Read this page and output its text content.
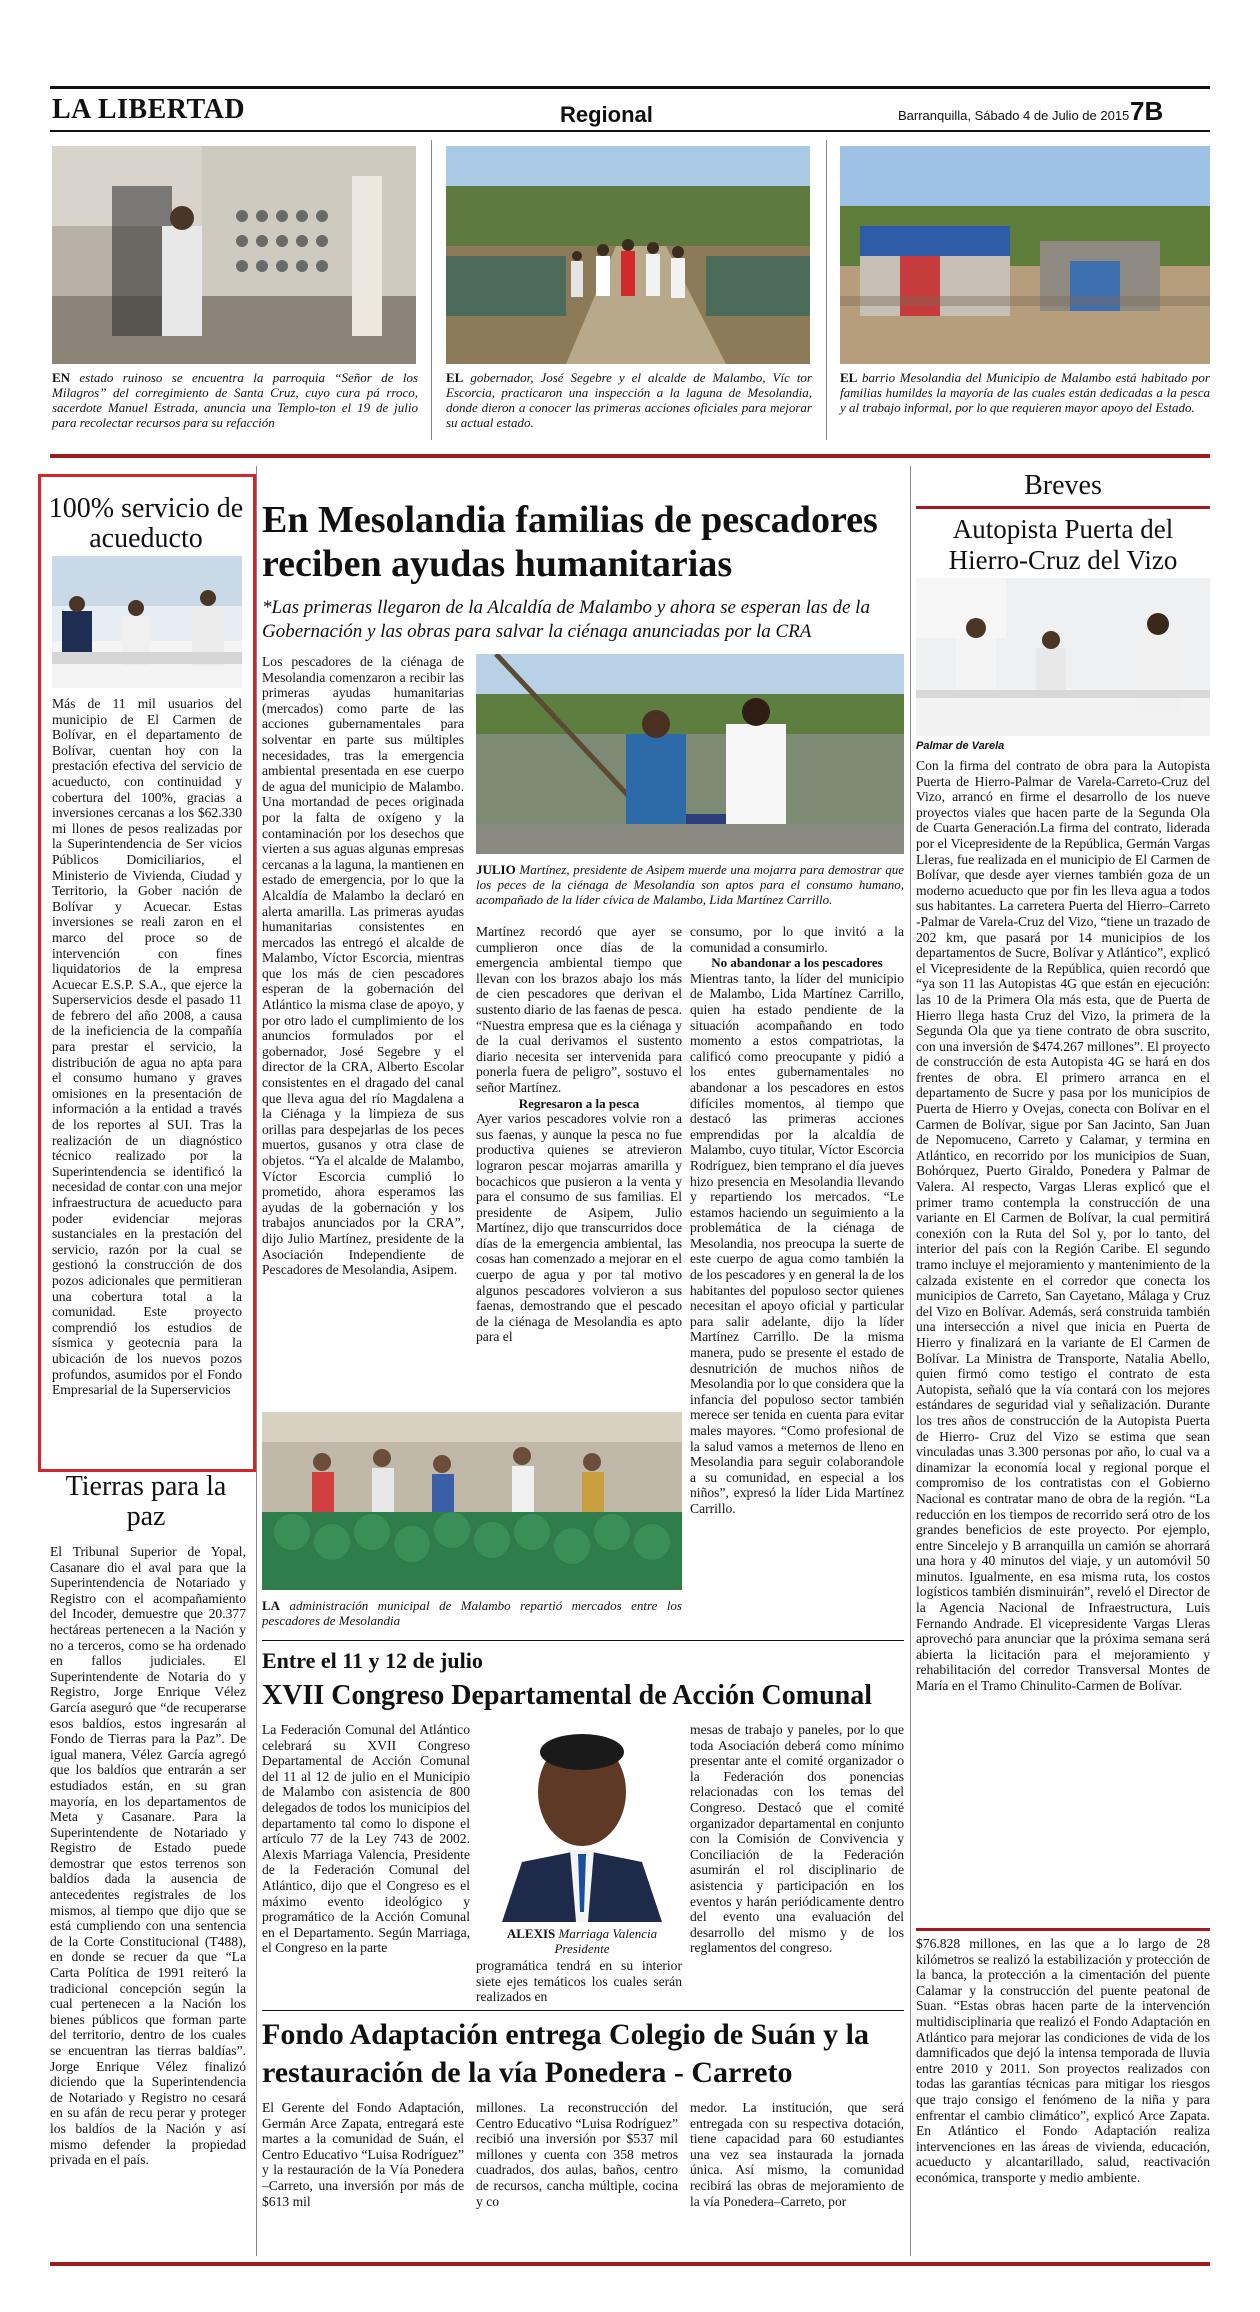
LA LIBERTAD	Regional	Barranquilla, Sábado 4 de Julio de 2015 7B
EN estado ruinoso se encuentra la parroquia “Señor de los Milagros” del corregimiento de Santa Cruz, cuyo cura pá rroco, sacerdote Manuel Estrada, anuncia una Templo-ton el 19 de julio para recolectar recursos para su refacción
EL gobernador, José Segebre y el alcalde de Malambo, Víc tor Escorcia, practicaron una inspección a la laguna de Mesolandia, donde dieron a conocer las primeras acciones oficiales para mejorar su actual estado.
EL barrio Mesolandia del Municipio de Malambo está habitado por familias humildes la mayoría de las cuales están dedicadas a la pesca y al trabajo informal, por lo que requieren mayor apoyo del Estado.
100% servicio de acueducto
Más de 11 mil usuarios del municipio de El Carmen de Bolívar, en el departamento de Bolívar, cuentan hoy con la prestación efectiva del servicio de acueducto, con continuidad y cobertura del 100%, gracias a inversiones cercanas a los $62.330 mi llones de pesos realizadas por la Superintendencia de Ser vicios Públicos Domiciliarios, el Ministerio de Vivienda, Ciudad y Territorio, la Gober nación de Bolívar y Acuecar. Estas inversiones se reali zaron en el marco del proce so de intervención con fines liquidatorios de la empresa Acuecar E.S.P. S.A., que ejerce la Superservicios desde el pasado 11 de febrero del año 2008, a causa de la ineficiencia de la compañía para prestar el servicio, la distribución de agua no apta para el consumo humano y graves omisiones en la presentación de información a la entidad a través de los reportes al SUI. Tras la realización de un diagnóstico técnico realizado por la Superintendencia se identificó la necesidad de contar con una mejor infraestructura de acueducto para poder evidenciar mejoras sustanciales en la prestación del servicio, razón por la cual se gestionó la construcción de dos pozos adicionales que permitieran una cobertura total a la comunidad. Este proyecto comprendió los estudios de sísmica y geotecnia para la ubicación de los nuevos pozos profundos, asumidos por el Fondo Empresarial de la Superservicios
Tierras para la paz
El Tribunal Superior de Yopal, Casanare dio el aval para que la Superintendencia de Notariado y Registro con el acompañamiento del Incoder, demuestre que 20.377 hectáreas pertenecen a la Nación y no a terceros, como se ha ordenado en fallos judiciales. El Superintendente de Notaria do y Registro, Jorge Enrique Vélez García aseguró que “de recuperarse esos baldíos, estos ingresarán al Fondo de Tierras para la Paz”. De igual manera, Vélez García agregó que los baldíos que entrarán a ser estudiados están, en su gran mayoría, en los departamentos de Meta y Casanare. Para la Superintendente de Notariado y Registro de Estado puede demostrar que estos terrenos son baldíos dada la ausencia de antecedentes registrales de los mismos, al tiempo que dijo que se está cumpliendo con una sentencia de la Corte Constitucional (T488), en donde se recuer da que “La Carta Política de 1991 reiteró la tradicional concepción según la cual pertenecen a la Nación los bienes públicos que forman parte del territorio, dentro de los cuales se encuentran las tierras baldías”. Jorge Enrique Vélez finalizó diciendo que la Superintendencia de Notariado y Registro no cesará en su afán de recu perar y proteger los baldíos de la Nación y así mismo defender la propiedad privada en el país.
En Mesolandia familias de pescadores reciben ayudas humanitarias
*Las primeras llegaron de la Alcaldía de Malambo y ahora se esperan las de la Gobernación y las obras para salvar la ciénaga anunciadas por la CRA
Los pescadores de la ciénaga de Mesolandia comenzaron a recibir las primeras ayudas humanitarias (mercados) como parte de las acciones gubernamentales para solventar en parte sus múltiples necesidades, tras la emergencia ambiental presentada en ese cuerpo de agua del municipio de Malambo. Una mortandad de peces originada por la falta de oxígeno y la contaminación por los desechos que vierten a sus aguas algunas empresas cercanas a la laguna, la mantienen en estado de emergencia, por lo que la Alcaldía de Malambo la declaró en alerta amarilla. Las primeras ayudas humanitarias consistentes en mercados las entregó el alcalde de Malambo, Víctor Escorcia, mientras que los más de cien pescadores esperan de la gobernación del Atlántico la misma clase de apoyo, y por otro lado el cumplimiento de los anuncios formulados por el gobernador, José Segebre y el director de la CRA, Alberto Escolar consistentes en el dragado del canal que lleva agua del río Magdalena a la Ciénaga y la limpieza de sus orillas para despejarlas de los peces muertos, gusanos y otra clase de objetos. “Ya el alcalde de Malambo, Víctor Escorcia cumplió lo prometido, ahora esperamos las ayudas de la gobernación y los trabajos anunciados por la CRA”, dijo Julio Martínez, presidente de la Asociación Independiente de Pescadores de Mesolandia, Asipem.
JULIO Martínez, presidente de Asipem muerde una mojarra para demostrar que los peces de la ciénaga de Mesolandia son aptos para el consumo humano, acompañado de la líder cívica de Malambo, Lida Martínez Carrillo.

Martínez recordó que ayer se cumplieron once días de la emergencia ambiental tiempo que llevan con los brazos abajo los más de cien pescadores que derivan el sustento diario de las faenas de pesca. “Nuestra empresa que es la ciénaga y de la cual derivamos el sustento diario necesita ser intervenida para ponerla fuera de peligro”, sostuvo el señor Martínez.

Regresaron a la pesca

Ayer varios pescadores volvie ron a sus faenas, y aunque la pesca no fue productiva quienes se atrevieron lograron pescar mojarras amarilla y bocachicos que pusieron a la venta y para el consumo de sus familias. El presidente de Asipem, Julio Martínez, dijo que transcurridos doce días de la emergencia ambiental, las cosas han comenzado a mejorar en el cuerpo de agua y por tal motivo algunos pescadores volvieron a sus faenas, demostrando que el pescado de la ciénaga de Mesolandia es apto para el

consumo, por lo que invitó a la comunidad a consumirlo.

No abandonar a los pescadores

Mientras tanto, la líder del municipio de Malambo, Lida Martínez Carrillo, quien ha estado pendiente de la situación acompañando en todo momento a estos compatriotas, la calificó como preocupante y pidió a los entes gubernamentales no abandonar a los pescadores en estos difíciles momentos, al tiempo que destacó las primeras acciones emprendidas por la alcaldía de Malambo, cuyo titular, Víctor Escorcia Rodríguez, bien temprano el día jueves hizo presencia en Mesolandia llevando y repartiendo los mercados. “Le estamos haciendo un seguimiento a la problemática de la ciénaga de Mesolandia, nos preocupa la suerte de este cuerpo de agua como también la de los pescadores y en general la de los habitantes del populoso sector quienes necesitan el apoyo oficial y particular para salir adelante, dijo la líder Martínez Carrillo. De la misma manera, pudo se presente el estado de desnutrición de muchos niños de Mesolandia por lo que considera que la infancia del populoso sector también merece ser tenida en cuenta para evitar males mayores. “Como profesional de la salud vamos a meternos de lleno en Mesolandia para seguir colaborandole a su comunidad, en especial a los niños”, expresó la líder Lida Martínez Carrillo.

LA administración municipal de Malambo repartió mercados entre los pescadores de Mesolandia
Entre el 11 y 12 de julio
XVII Congreso Departamental de Acción Comunal
La Federación Comunal del Atlántico celebrará su XVII Congreso Departamental de Acción Comunal del 11 al 12 de julio en el Municipio de Malambo con asistencia de 800 delegados de todos los municipios del departamento tal como lo dispone el artículo 77 de la Ley 743 de 2002. Alexis Marriaga Valencia, Presidente de la Federación Comunal del Atlántico, dijo que el Congreso es el máximo evento ideológico y programático de la Acción Comunal en el Departamento. Según Marriaga, el Congreso en la parte
ALEXIS Marriaga Valencia
Presidente
programática tendrá en su interior siete ejes temáticos los cuales serán realizados en
mesas de trabajo y paneles, por lo que toda Asociación deberá como mínimo presentar ante el comité organizador o la Federación dos ponencias relacionadas con los temas del Congreso. Destacó que el comité organizador departamental en conjunto con la Comisión de Convivencia y Conciliación de la Federación asumirán el rol disciplinario de asistencia y participación en los eventos y harán periódicamente dentro del evento una evaluación del desarrollo del mismo y de los reglamentos del congreso.
Fondo Adaptación entrega Colegio de Suán y la restauración de la vía Ponedera - Carreto
El Gerente del Fondo Adaptación, Germán Arce Zapata, entregará este martes a la comunidad de Suán, el Centro Educativo “Luisa Rodríguez” y la restauración de la Vía Ponedera –Carreto, una inversión por más de $613 mil
millones. La reconstrucción del Centro Educativo “Luisa Rodríguez” recibió una inversión por $537 mil millones y cuenta con 358 metros cuadrados, dos aulas, baños, centro de recursos, cancha múltiple, cocina y co
medor. La institución, que será entregada con su respectiva dotación, tiene capacidad para 60 estudiantes una vez sea instaurada la jornada única. Así mismo, la comunidad recibirá las obras de mejoramiento de la vía Ponedera–Carreto, por
Breves
Autopista Puerta del Hierro-Cruz del Vizo
Palmar de Varela
Con la firma del contrato de obra para la Autopista Puerta de Hierro-Palmar de Varela-Carreto-Cruz del Vizo, arrancó en firme el desarrollo de los nueve proyectos viales que hacen parte de la Segunda Ola de Cuarta Generación.La firma del contrato, liderada por el Vicepresidente de la República, Germán Vargas Lleras, fue realizada en el municipio de El Carmen de Bolívar, que desde ayer viernes también goza de un moderno acueducto que por fin les lleva agua a todos sus habitantes. La carretera Puerta del Hierro–Carreto -Palmar de Varela-Cruz del Vizo, “tiene un trazado de 202 km, que pasará por 14 municipios de los departamentos de Sucre, Bolívar y Atlántico”, explicó el Vicepresidente de la República, quien recordó que “ya son 11 las Autopistas 4G que están en ejecución: las 10 de la Primera Ola más esta, que de Puerta de Hierro llega hasta Cruz del Vizo, la primera de la Segunda Ola que ya tiene contrato de obra suscrito, con una inversión de $474.267 millones”. El proyecto de construcción de esta Autopista 4G se hará en dos frentes de obra. El primero arranca en el departamento de Sucre y pasa por los municipios de Puerta de Hierro y Ovejas, conecta con Bolívar en el Carmen de Bolívar, sigue por San Jacinto, San Juan de Nepomuceno, Carreto y Calamar, y termina en Atlántico, en recorrido por los municipios de Suan, Bohórquez, Puerto Giraldo, Ponedera y Palmar de Valera. Al respecto, Vargas Lleras explicó que el primer tramo contempla la construcción de una variante en El Carmen de Bolívar, la cual permitirá conexión con la Ruta del Sol y, por lo tanto, del interior del país con la Región Caribe. El segundo tramo incluye el mejoramiento y mantenimiento de la calzada existente en el corredor que conecta los municipios de Carreto, San Cayetano, Málaga y Cruz del Vizo en Bolívar. Además, será construida también una intersección a nivel que inicia en Puerta de Hierro y finalizará en la variante de El Carmen de Bolívar. La Ministra de Transporte, Natalia Abello, quien firmó como testigo el contrato de esta Autopista, señaló que la vía contará con los mejores estándares de seguridad vial y señalización. Durante los tres años de construcción de la Autopista Puerta de Hierro- Cruz del Vizo se estima que sean vinculadas unas 3.300 personas por año, lo cual va a dinamizar la economía local y regional porque el compromiso de los contratistas con el Gobierno Nacional es contratar mano de obra de la región. “La reducción en los tiempos de recorrido será otro de los grandes beneficios de este proyecto. Por ejemplo, entre Sincelejo y B arranquilla un camión se ahorrará una hora y 40 minutos del viaje, y un automóvil 50 minutos. Igualmente, en esa misma ruta, los costos logísticos también disminuirán”, reveló el Director de la Agencia Nacional de Infraestructura, Luis Fernando Andrade. El vicepresidente Vargas Lleras aprovechó para anunciar que la próxima semana será abierta la licitación para el mejoramiento y rehabilitación del corredor Transversal Montes de María en el Tramo Chinulito-Carmen de Bolívar.
$76.828 millones, en las que a lo largo de 28 kilómetros se realizó la estabilización y protección de la banca, la protección a la cimentación del puente Calamar y la construcción del puente peatonal de Suan. “Estas obras hacen parte de la intervención multidisciplinaria que realizó el Fondo Adaptación en Atlántico para mejorar las condiciones de vida de los damnificados que dejó la intensa temporada de lluvia entre 2010 y 2011. Son proyectos realizados con todas las garantías técnicas para mitigar los riesgos que trajo consigo el fenómeno de la niña y para enfrentar el cambio climático”, explicó Arce Zapata. En Atlántico el Fondo Adaptación realiza intervenciones en las áreas de vivienda, educación, acueducto y alcantarillado, salud, reactivación económica, transporte y medio ambiente.
